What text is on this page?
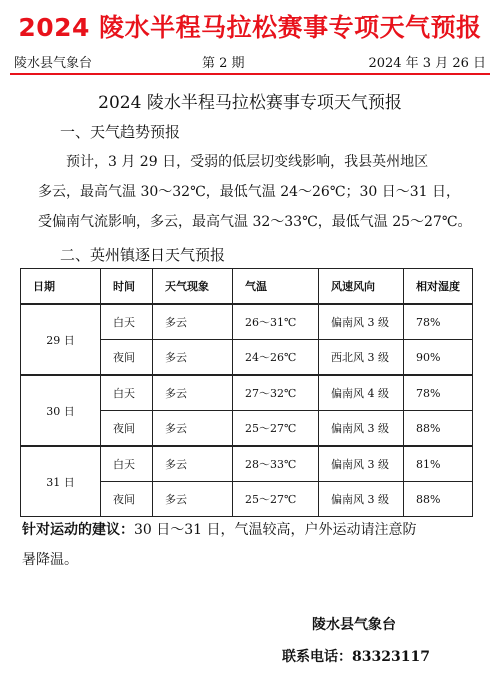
2024 陵水半程马拉松赛事专项天气预报
陵水县气象台	第 2 期	2024 年 3 月 26 日
2024 陵水半程马拉松赛事专项天气预报
一、天气趋势预报
预计，3 月 29 日，受弱的低层切变线影响，我县英州地区
多云，最高气温 30～32℃，最低气温 24～26℃；30 日～31 日，
受偏南气流影响，多云，最高气温 32～33℃，最低气温 25～27℃。
二、英州镇逐日天气预报
日期	时间	天气现象	气温	风速风向	相对湿度
29 日	白天	多云	26～31℃	偏南风 3 级	78%
	夜间	多云	24～26℃	西北风 3 级	90%
30 日	白天	多云	27～32℃	偏南风 4 级	78%
	夜间	多云	25～27℃	偏南风 3 级	88%
31 日	白天	多云	28～33℃	偏南风 3 级	81%
	夜间	多云	25～27℃	偏南风 3 级	88%
针对运动的建议：30 日～31 日，气温较高，户外运动请注意防
暑降温。
陵水县气象台
联系电话：83323117
